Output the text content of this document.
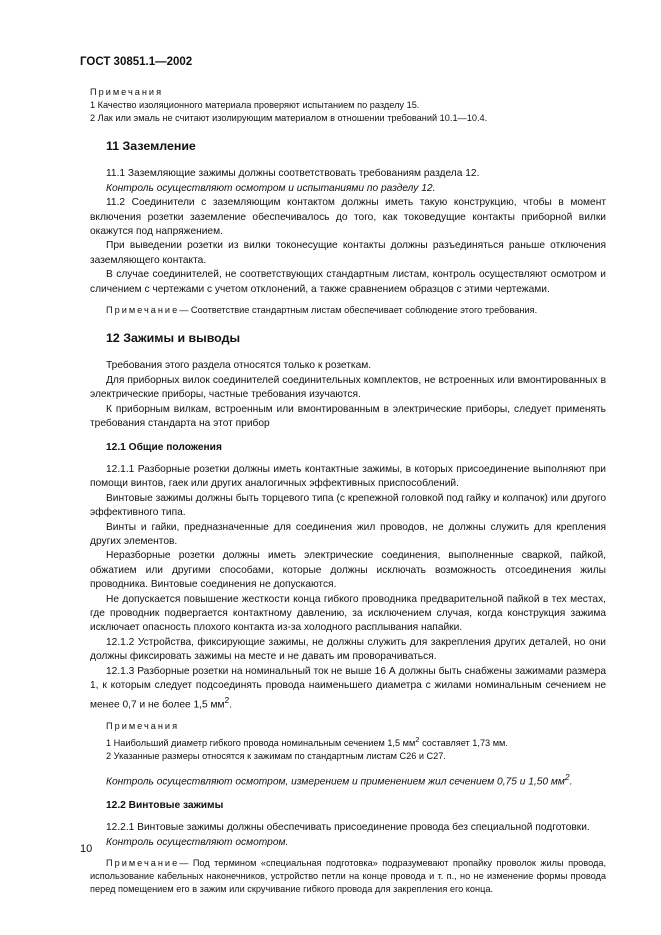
ГОСТ 30851.1—2002

Примечания

1 Качество изоляционного материала проверяют испытанием по разделу 15.

2 Лак или эмаль не считают изолирующим материалом в отношении требований 10.1—10.4.

11 Заземление

11.1 Заземляющие зажимы должны соответствовать требованиям раздела 12.

Контроль осуществляют осмотром и испытаниями по разделу 12.

11.2 Соединители с заземляющим контактом должны иметь такую конструкцию, чтобы в момент включения розетки заземление обеспечивалось до того, как токоведущие контакты приборной вилки окажутся под напряжением.

При выведении розетки из вилки токонесущие контакты должны разъединяться раньше отключения заземляющего контакта.

В случае соединителей, не соответствующих стандартным листам, контроль осуществляют осмотром и сличением с чертежами с учетом отклонений, а также сравнением образцов с этими чертежами.

Примечание— Соответствие стандартным листам обеспечивает соблюдение этого требования.

12 Зажимы и выводы

Требования этого раздела относятся только к розеткам.

Для приборных вилок соединителей соединительных комплектов, не встроенных или вмонтированных в электрические приборы, частные требования изучаются.

К приборным вилкам, встроенным или вмонтированным в электрические приборы, следует применять требования стандарта на этот прибор

12.1 Общие положения

12.1.1 Разборные розетки должны иметь контактные зажимы, в которых присоединение выполняют при помощи винтов, гаек или других аналогичных эффективных приспособлений.

Винтовые зажимы должны быть торцевого типа (с крепежной головкой под гайку и колпачок) или другого эффективного типа.

Винты и гайки, предназначенные для соединения жил проводов, не должны служить для крепления других элементов.

Неразборные розетки должны иметь электрические соединения, выполненные сваркой, пайкой, обжатием или другими способами, которые должны исключать возможность отсоединения жилы проводника. Винтовые соединения не допускаются.

Не допускается повышение жесткости конца гибкого проводника предварительной пайкой в тех местах, где проводник подвергается контактному давлению, за исключением случая, когда конструкция зажима исключает опасность плохого контакта из-за холодного расплывания напайки.

12.1.2 Устройства, фиксирующие зажимы, не должны служить для закрепления других деталей, но они должны фиксировать зажимы на месте и не давать им проворачиваться.

12.1.3 Разборные розетки на номинальный ток не выше 16 А должны быть снабжены зажимами размера 1, к которым следует подсоединять провода наименьшего диаметра с жилами номинальным сечением не менее 0,7 и не более 1,5 $мм^2$.

Примечания

1 Наибольший диаметр гибкого провода номинальным сечением 1,5 $мм^2$ составляет 1,73 мм.

2 Указанные размеры относятся к зажимам по стандартным листам С26 и С27.

Контроль осуществляют осмотром, измерением и применением жил сечением 0,75 и 1,50 $мм^2$.

12.2 Винтовые зажимы

12.2.1 Винтовые зажимы должны обеспечивать присоединение провода без специальной подготовки.

Контроль осуществляют осмотром.

Примечание— Под термином «специальная подготовка» подразумевают пропайку проволок жилы провода, использование кабельных наконечников, устройство петли на конце провода и т. п., но не изменение формы провода перед помещением его в зажим или скручивание гибкого провода для закрепления его конца.

10
